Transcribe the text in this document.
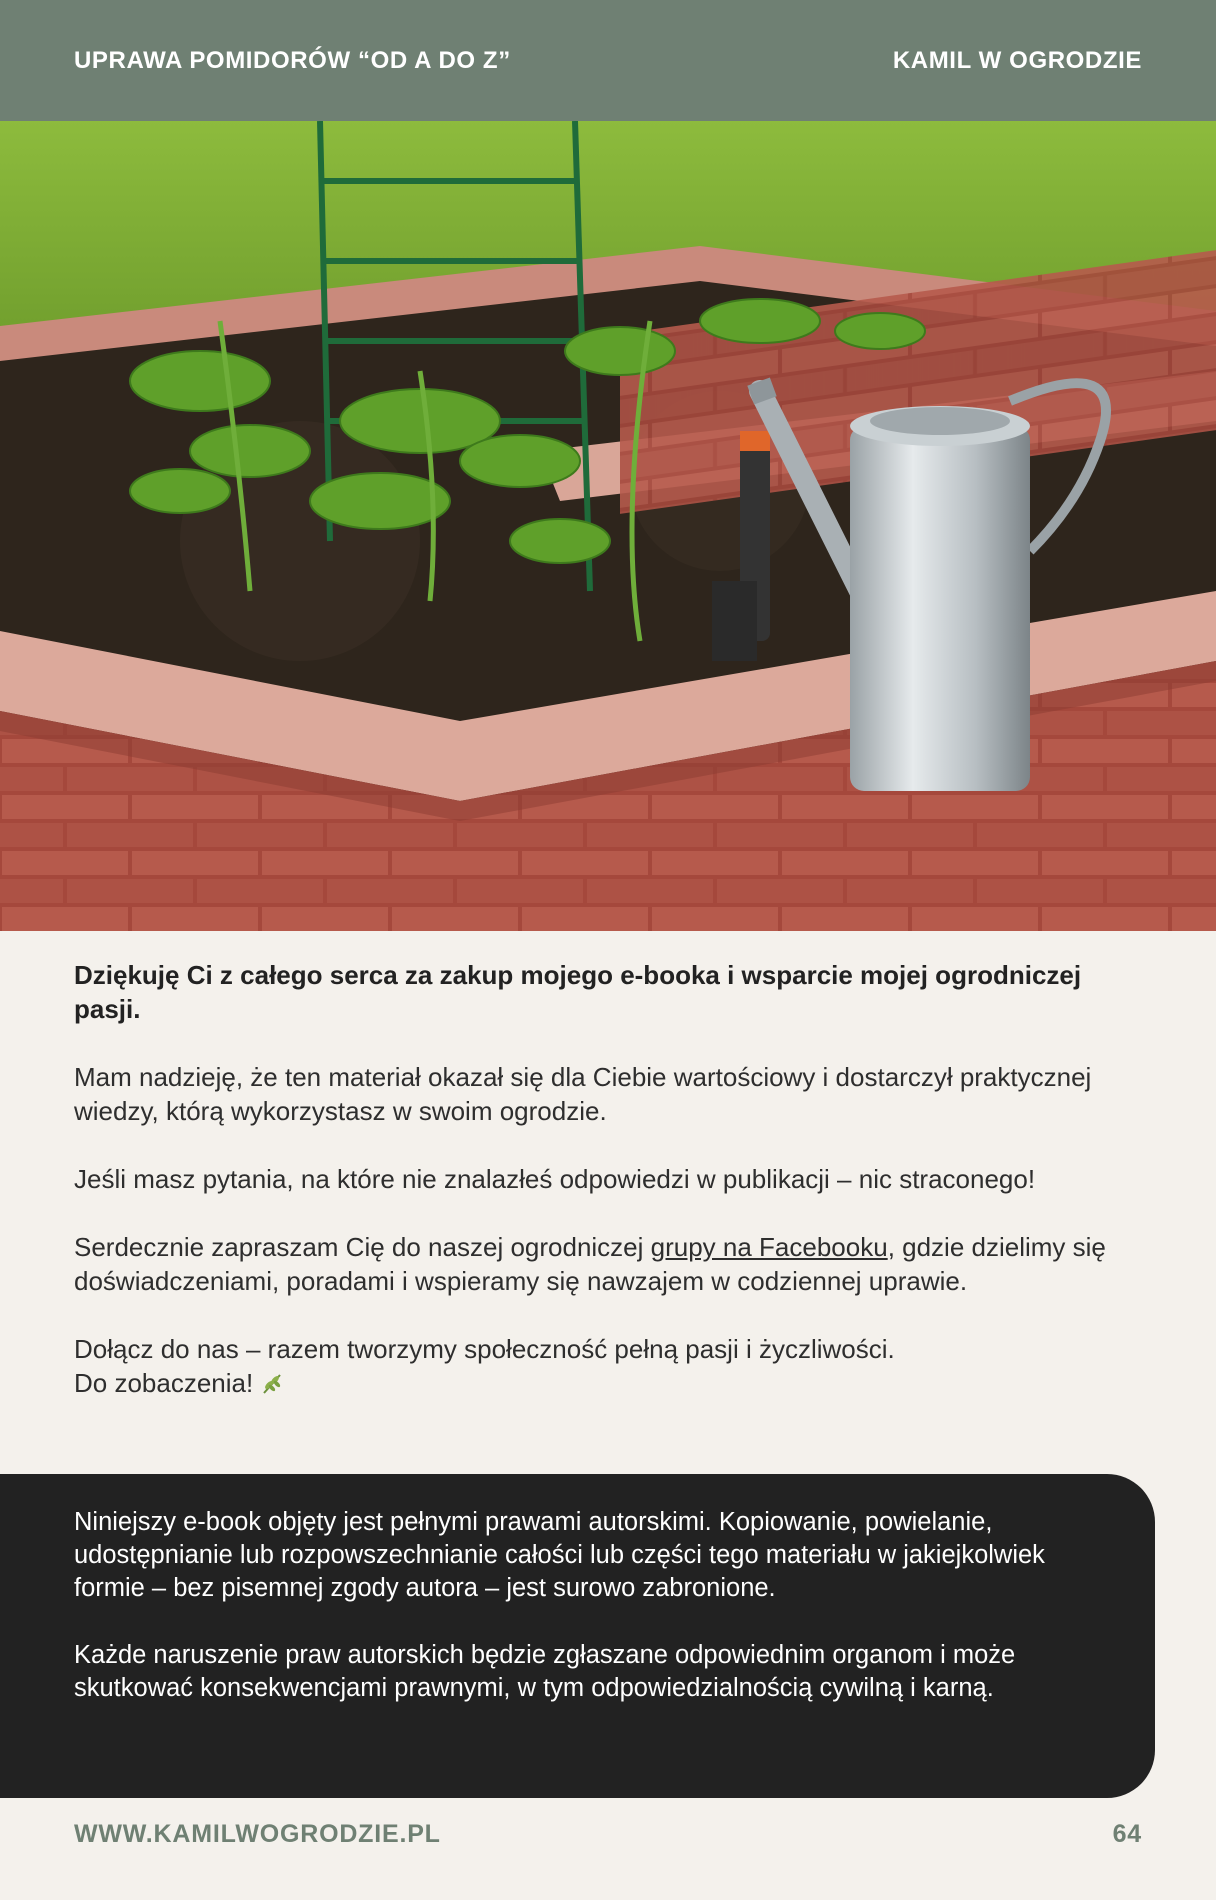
UPRAWA POMIDORÓW “OD A DO Z”	KAMIL W OGRODZIE

Dziękuję Ci z całego serca za zakup mojego e-booka i wsparcie mojej ogrodniczej pasji.

Mam nadzieję, że ten materiał okazał się dla Ciebie wartościowy i dostarczył praktycznej wiedzy, którą wykorzystasz w swoim ogrodzie.

Jeśli masz pytania, na które nie znalazłeś odpowiedzi w publikacji – nic straconego!

Serdecznie zapraszam Cię do naszej ogrodniczej grupy na Facebooku, gdzie dzielimy się doświadczeniami, poradami i wspieramy się nawzajem w codziennej uprawie.

Dołącz do nas – razem tworzymy społeczność pełną pasji i życzliwości.
Do zobaczenia!

Niniejszy e-book objęty jest pełnymi prawami autorskimi. Kopiowanie, powielanie, udostępnianie lub rozpowszechnianie całości lub części tego materiału w jakiejkolwiek formie – bez pisemnej zgody autora – jest surowo zabronione.

Każde naruszenie praw autorskich będzie zgłaszane odpowiednim organom i może skutkować konsekwencjami prawnymi, w tym odpowiedzialnością cywilną i karną.

WWW.KAMILWOGRODZIE.PL	64
